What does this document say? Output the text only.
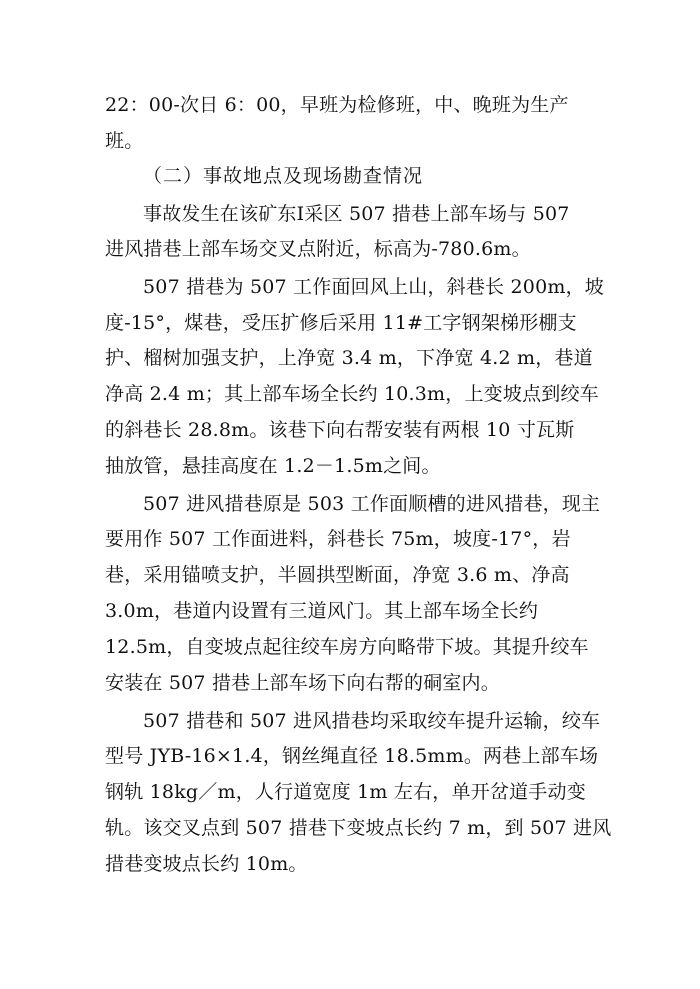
22：00-次日 6：00，早班为检修班，中、晚班为生产
班。
（二）事故地点及现场勘查情况
事故发生在该矿东Ⅰ采区 507 措巷上部车场与 507
进风措巷上部车场交叉点附近，标高为-780.6m。
507 措巷为 507 工作面回风上山，斜巷长 200m，坡
度-15°，煤巷，受压扩修后采用 11#工字钢架梯形棚支
护、榴树加强支护，上净宽 3.4 m，下净宽 4.2 m，巷道
净高 2.4 m；其上部车场全长约 10.3m，上变坡点到绞车
的斜巷长 28.8m。该巷下向右帮安装有两根 10 寸瓦斯
抽放管，悬挂高度在 1.2－1.5m之间。
507 进风措巷原是 503 工作面顺槽的进风措巷，现主
要用作 507 工作面进料，斜巷长 75m，坡度-17°，岩
巷，采用锚喷支护，半圆拱型断面，净宽 3.6 m、净高
3.0m，巷道内设置有三道风门。其上部车场全长约
12.5m，自变坡点起往绞车房方向略带下坡。其提升绞车
安装在 507 措巷上部车场下向右帮的硐室内。
507 措巷和 507 进风措巷均采取绞车提升运输，绞车
型号 JYB-16×1.4，钢丝绳直径 18.5mm。两巷上部车场
钢轨 18kg／m，人行道宽度 1m 左右，单开岔道手动变
轨。该交叉点到 507 措巷下变坡点长约 7 m，到 507 进风
措巷变坡点长约 10m。
